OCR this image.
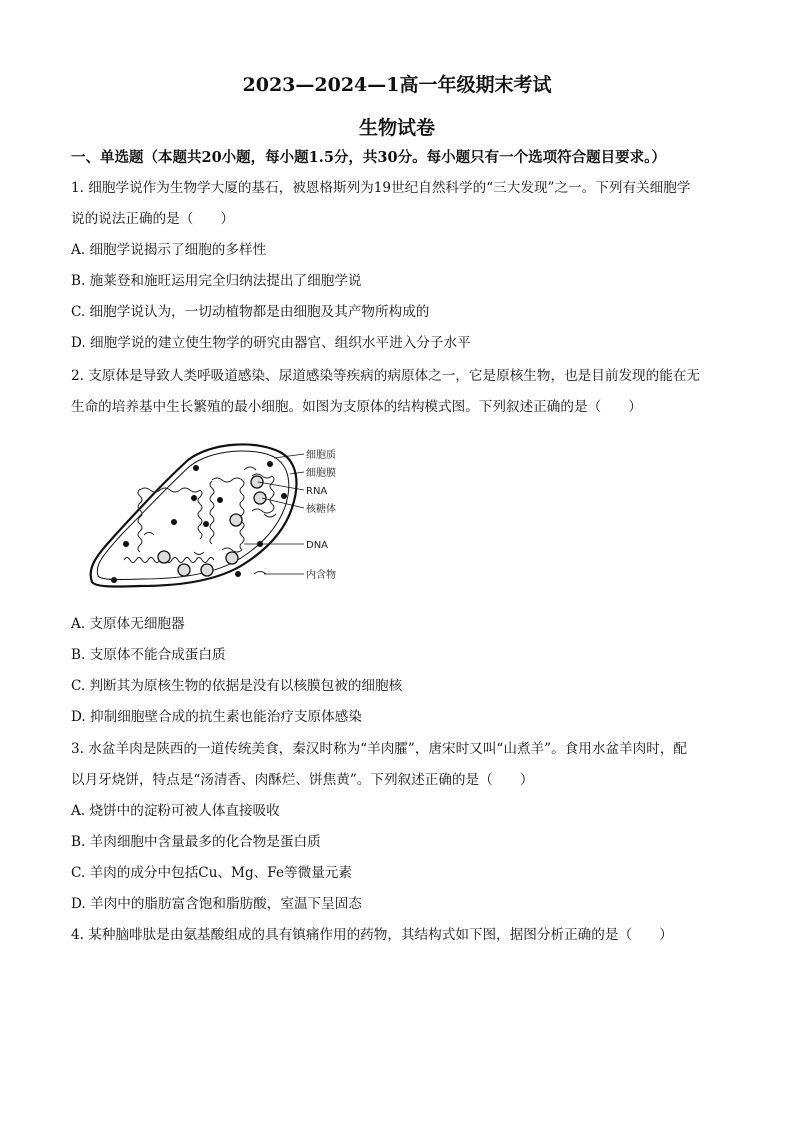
2023—2024—1高一年级期末考试
生物试卷
一、单选题（本题共20小题，每小题1.5分，共30分。每小题只有一个选项符合题目要求。）
1. 细胞学说作为生物学大厦的基石，被恩格斯列为19世纪自然科学的“三大发现”之一。下列有关细胞学
说的说法正确的是（　　）
A. 细胞学说揭示了细胞的多样性
B. 施莱登和施旺运用完全归纳法提出了细胞学说
C. 细胞学说认为，一切动植物都是由细胞及其产物所构成的
D. 细胞学说的建立使生物学的研究由器官、组织水平进入分子水平
2. 支原体是导致人类呼吸道感染、尿道感染等疾病的病原体之一，它是原核生物，也是目前发现的能在无
生命的培养基中生长繁殖的最小细胞。如图为支原体的结构模式图。下列叙述正确的是（　　）
细胞质
细胞膜
RNA
核糖体
DNA
内含物
A. 支原体无细胞器
B. 支原体不能合成蛋白质
C. 判断其为原核生物的依据是没有以核膜包被的细胞核
D. 抑制细胞壁合成的抗生素也能治疗支原体感染
3. 水盆羊肉是陕西的一道传统美食，秦汉时称为“羊肉臛”，唐宋时又叫“山煮羊”。食用水盆羊肉时，配
以月牙烧饼，特点是“汤清香、肉酥烂、饼焦黄”。下列叙述正确的是（　　）
A. 烧饼中的淀粉可被人体直接吸收
B. 羊肉细胞中含量最多的化合物是蛋白质
C. 羊肉的成分中包括Cu、Mg、Fe等微量元素
D. 羊肉中的脂肪富含饱和脂肪酸，室温下呈固态
4. 某种脑啡肽是由氨基酸组成的具有镇痛作用的药物，其结构式如下图，据图分析正确的是（　　）
